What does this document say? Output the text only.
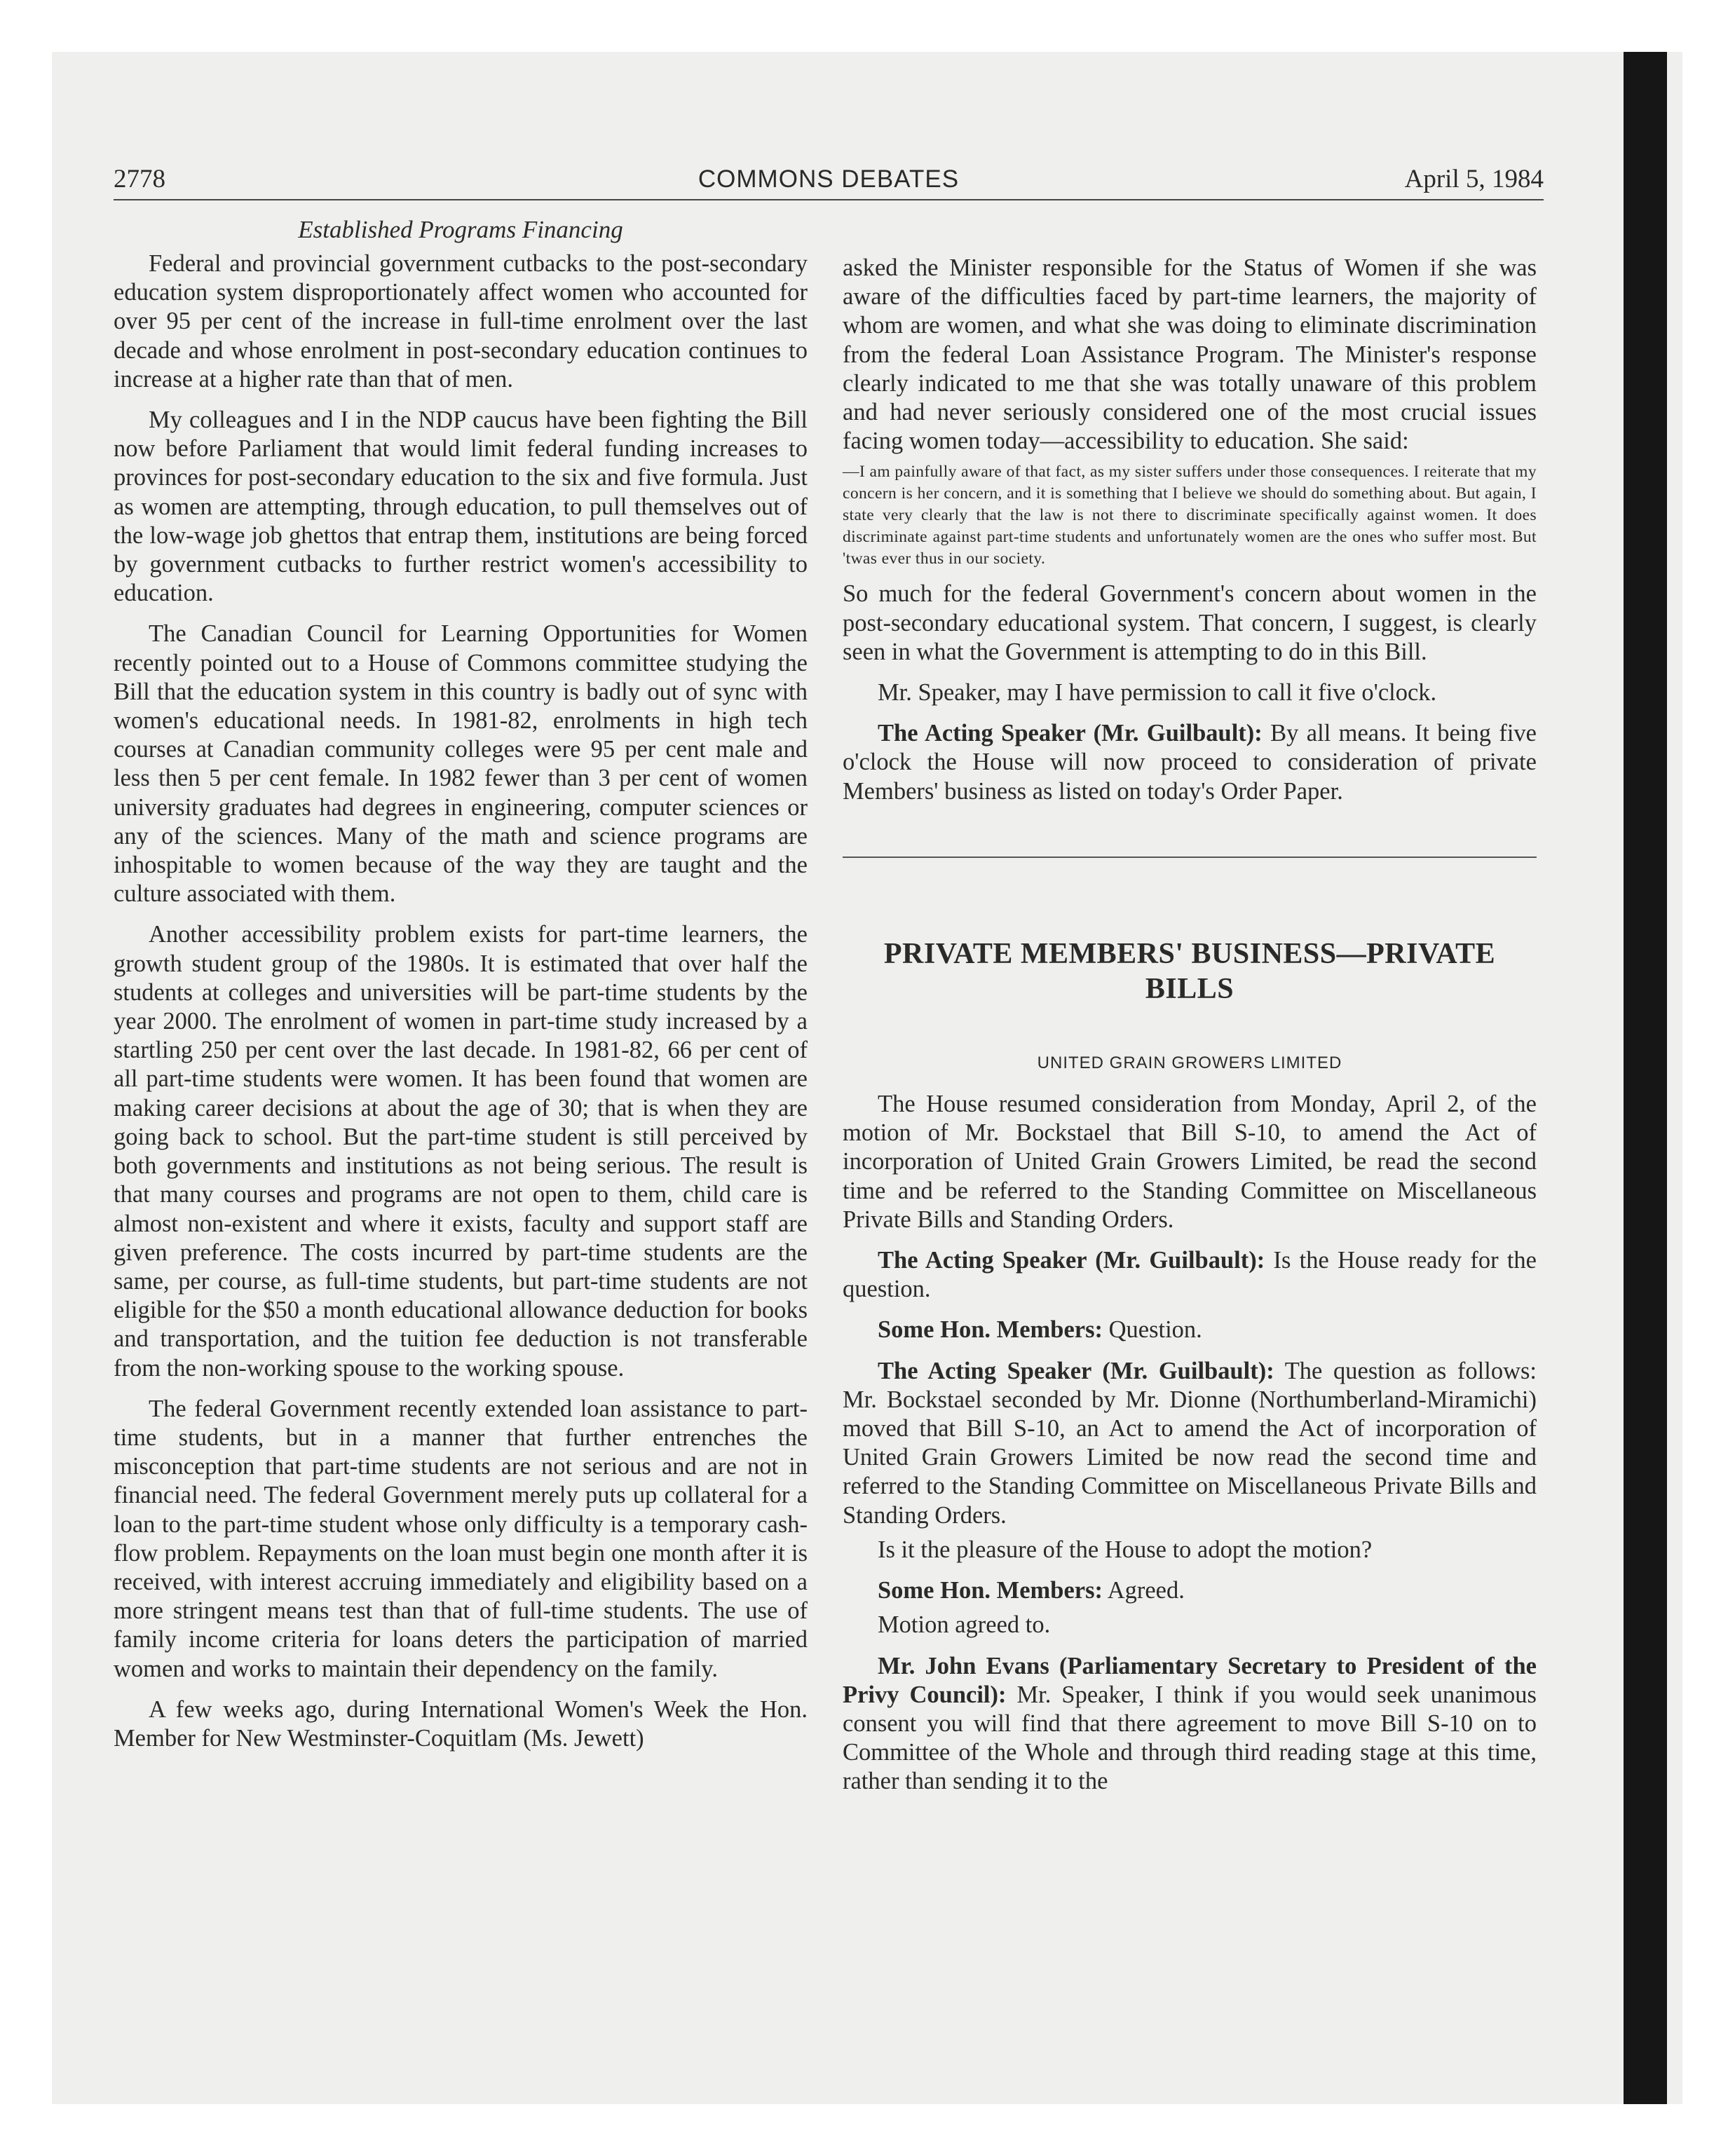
2778	COMMONS DEBATES	April 5, 1984
Established Programs Financing

Federal and provincial government cutbacks to the post-secondary education system disproportionately affect women who accounted for over 95 per cent of the increase in full-time enrolment over the last decade and whose enrolment in post-secondary education continues to increase at a higher rate than that of men.

My colleagues and I in the NDP caucus have been fighting the Bill now before Parliament that would limit federal funding increases to provinces for post-secondary education to the six and five formula. Just as women are attempting, through education, to pull themselves out of the low-wage job ghettos that entrap them, institutions are being forced by government cutbacks to further restrict women's accessibility to education.

The Canadian Council for Learning Opportunities for Women recently pointed out to a House of Commons committee studying the Bill that the education system in this country is badly out of sync with women's educational needs. In 1981-82, enrolments in high tech courses at Canadian community colleges were 95 per cent male and less then 5 per cent female. In 1982 fewer than 3 per cent of women university graduates had degrees in engineering, computer sciences or any of the sciences. Many of the math and science programs are inhospitable to women because of the way they are taught and the culture associated with them.

Another accessibility problem exists for part-time learners, the growth student group of the 1980s. It is estimated that over half the students at colleges and universities will be part-time students by the year 2000. The enrolment of women in part-time study increased by a startling 250 per cent over the last decade. In 1981-82, 66 per cent of all part-time students were women. It has been found that women are making career decisions at about the age of 30; that is when they are going back to school. But the part-time student is still perceived by both governments and institutions as not being serious. The result is that many courses and programs are not open to them, child care is almost non-existent and where it exists, faculty and support staff are given preference. The costs incurred by part-time students are the same, per course, as full-time students, but part-time students are not eligible for the $50 a month educational allowance deduction for books and transportation, and the tuition fee deduction is not transferable from the non-working spouse to the working spouse.

The federal Government recently extended loan assistance to part-time students, but in a manner that further entrenches the misconception that part-time students are not serious and are not in financial need. The federal Government merely puts up collateral for a loan to the part-time student whose only difficulty is a temporary cash-flow problem. Repayments on the loan must begin one month after it is received, with interest accruing immediately and eligibility based on a more stringent means test than that of full-time students. The use of family income criteria for loans deters the participation of married women and works to maintain their dependency on the family.

A few weeks ago, during International Women's Week the Hon. Member for New Westminster-Coquitlam (Ms. Jewett)

asked the Minister responsible for the Status of Women if she was aware of the difficulties faced by part-time learners, the majority of whom are women, and what she was doing to eliminate discrimination from the federal Loan Assistance Program. The Minister's response clearly indicated to me that she was totally unaware of this problem and had never seriously considered one of the most crucial issues facing women today—accessibility to education. She said:

—I am painfully aware of that fact, as my sister suffers under those consequences. I reiterate that my concern is her concern, and it is something that I believe we should do something about. But again, I state very clearly that the law is not there to discriminate specifically against women. It does discriminate against part-time students and unfortunately women are the ones who suffer most. But 'twas ever thus in our society.

So much for the federal Government's concern about women in the post-secondary educational system. That concern, I suggest, is clearly seen in what the Government is attempting to do in this Bill.

Mr. Speaker, may I have permission to call it five o'clock.

The Acting Speaker (Mr. Guilbault): By all means. It being five o'clock the House will now proceed to consideration of private Members' business as listed on today's Order Paper.

PRIVATE MEMBERS' BUSINESS—PRIVATE BILLS
UNITED GRAIN GROWERS LIMITED

The House resumed consideration from Monday, April 2, of the motion of Mr. Bockstael that Bill S-10, to amend the Act of incorporation of United Grain Growers Limited, be read the second time and be referred to the Standing Committee on Miscellaneous Private Bills and Standing Orders.

The Acting Speaker (Mr. Guilbault): Is the House ready for the question.

Some Hon. Members: Question.

The Acting Speaker (Mr. Guilbault): The question as follows: Mr. Bockstael seconded by Mr. Dionne (Northumberland-Miramichi) moved that Bill S-10, an Act to amend the Act of incorporation of United Grain Growers Limited be now read the second time and referred to the Standing Committee on Miscellaneous Private Bills and Standing Orders.

Is it the pleasure of the House to adopt the motion?

Some Hon. Members: Agreed.

Motion agreed to.

Mr. John Evans (Parliamentary Secretary to President of the Privy Council): Mr. Speaker, I think if you would seek unanimous consent you will find that there agreement to move Bill S-10 on to Committee of the Whole and through third reading stage at this time, rather than sending it to the
